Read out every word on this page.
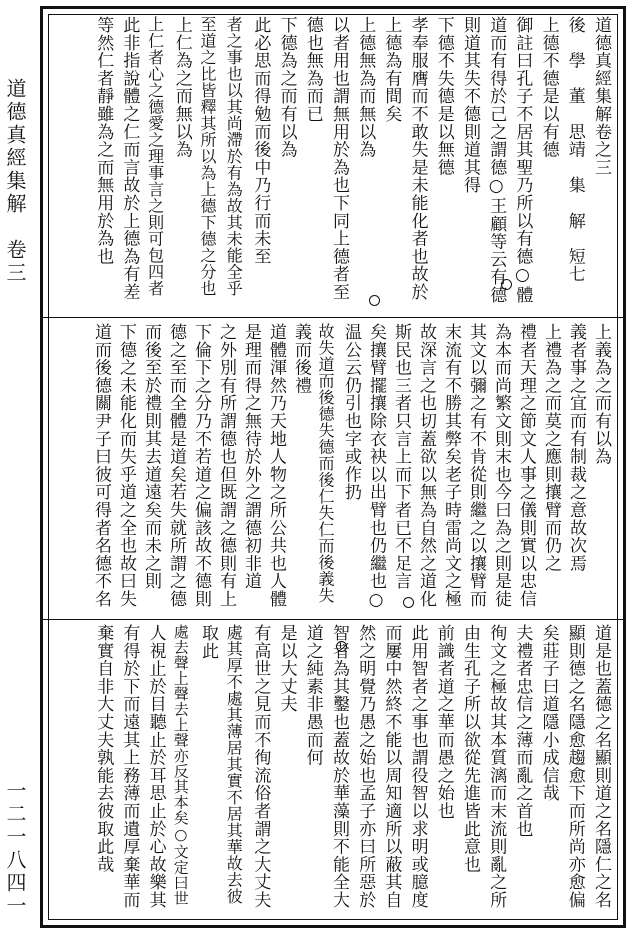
道德真經集解　卷三
一二一八四一
道德真經集解卷之三
後　學　董　思靖　集　解　短七
上德不德是以有德
御註曰孔子不居其聖乃所以有德○體
道而有得於己之謂德○王顧等云有德
則道其失不德則道其得
下德不失德是以無德
孝奉服膺而不敢失是未能化者也故於
上德為有間矣
上德無為而無以為
以者用也謂無用於為也下同上德者至
德也無為而已
下德為之而有以為
此必思而得勉而後中乃行而未至
者之事也以其尚滯於有為故其未能全乎
至道之比皆釋其所以為上德下德之分也
上仁為之而無以為
上仁者心之德愛之理事言之則可包四者
此非指說體之仁而言故於上德為有差
等然仁者靜雖為之而無用於為也
上義為之而有以為
義者事之宜而有制裁之意故次焉
上禮為之而莫之應則攘臂而仍之
禮者天理之節文人事之儀則實以忠信
為本而尚繁文則末也今曰為之則是徒
其文以彌之有不肯從則繼之以攘臂而
末流有不勝其弊矣老子時雷尚文之極
故深言之也切蓋欲以無為自然之道化
斯民也三者只言上而下者已不足言
矣攘臂擺攘除衣袂以出臂也仍繼也○
温公云仍引也字或作扔
故失道而後德失德而後仁失仁而後義失
義而後禮
道體渾然乃天地人物之所公共也人體
是理而得之無待於外之謂德初非道
之外別有所謂德也但既謂之德則有上
下倫下之分乃不若道之偏該故不德則
德之至而全體是道矣若失就所謂之德
而後至於禮則其去道遠矣而未之則
下德之未能化而失乎道之全也故曰失
道而後德關尹子曰彼可得者名德不名
道是也蓋德之名顯則道之名隱仁之名
顯則德之名隱愈趨愈下而所尚亦愈偏
矣莊子曰道隱小成信哉
夫禮者忠信之薄而亂之首也
徇文之極故其本質漓而末流則亂之所
由生孔子所以欲從先進皆此意也
前識者道之華而愚之始也
此用智者之事也謂役智以求明或臆度
而屢中然終不能以周知適所以蔽其自
然之明覺乃愚之始也孟子亦曰所惡於
智者為其鑿也蓋故於華藻則不能全大
道之純素非愚而何
是以大丈夫
有高世之見而不徇流俗者謂之大丈夫
處其厚不處其薄居其實不居其華故去彼
取此
處去聲上聲去上聲亦反其本矣○文定曰世
人視止於目聽止於耳思止於心故樂其
有得於下而遠其上務薄而遺厚棄華而
棄實自非大丈夫孰能去彼取此哉
